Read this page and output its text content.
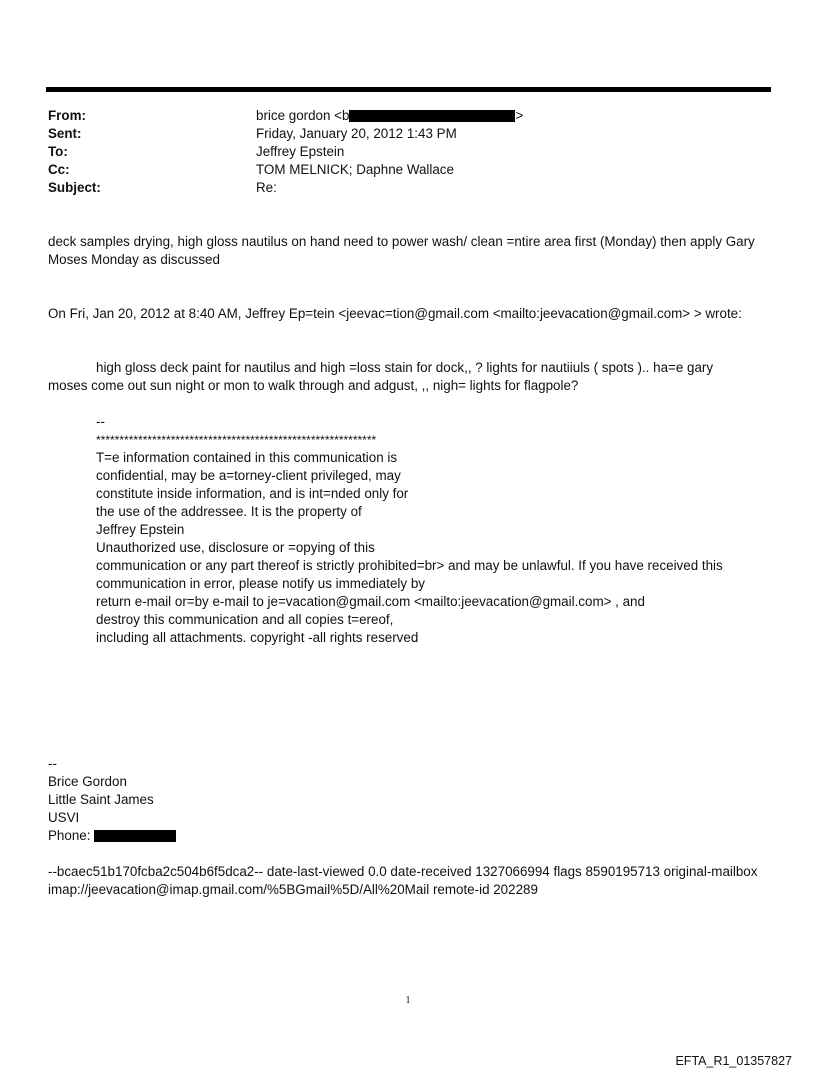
From:	brice gordon <b	>
Sent:	Friday, January 20, 2012 1:43 PM
To:	Jeffrey Epstein
Cc:	TOM MELNICK; Daphne Wallace
Subject:	Re:
deck samples drying, high gloss nautilus on hand need to power wash/ clean =ntire area first (Monday) then apply Gary
Moses Monday as discussed
On Fri, Jan 20, 2012 at 8:40 AM, Jeffrey Ep=tein <jeevac=tion@gmail.com <mailto:jeevacation@gmail.com> > wrote:
high gloss deck paint for nautilus and high =loss stain for dock,, ? lights for nautiiuls ( spots ).. ha=e gary
moses come out sun night or mon to walk through and adgust, ,, nigh= lights for flagpole?
--
************************************************************
T=e information contained in this communication is
confidential, may be a=torney-client privileged, may
constitute inside information, and is int=nded only for
the use of the addressee. It is the property of
Jeffrey Epstein
Unauthorized use, disclosure or =opying of this
communication or any part thereof is strictly prohibited=br> and may be unlawful. If you have received this
communication in error, please notify us immediately by
return e-mail or=by e-mail to je=vacation@gmail.com <mailto:jeevacation@gmail.com> , and
destroy this communication and all copies t=ereof,
including all attachments. copyright -all rights reserved
--
Brice Gordon
Little Saint James
USVI
Phone:
--bcaec51b170fcba2c504b6f5dca2-- date-last-viewed 0.0 date-received 1327066994 flags 8590195713 original-mailbox
imap://jeevacation@imap.gmail.com/%5BGmail%5D/All%20Mail remote-id 202289
1
EFTA_R1_01357827
